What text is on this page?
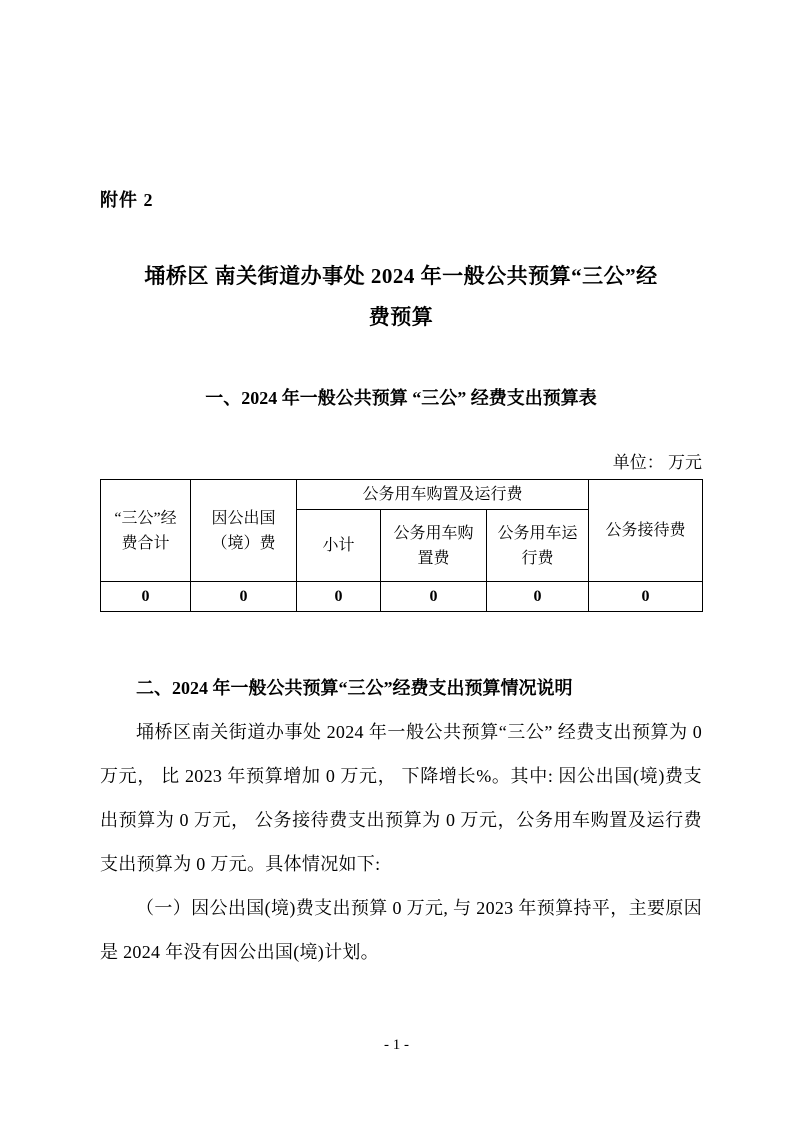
附件 2
埇桥区 南关街道办事处 2024 年一般公共预算“三公”经
费预算
一、2024 年一般公共预算 “三公” 经费支出预算表
单位： 万元
“三公”经费合计	因公出国（境）费	公务用车购置及运行费			公务接待费
		小计	公务用车购置费	公务用车运行费	
0	0	0	0	0	0
二、2024 年一般公共预算“三公”经费支出预算情况说明

埇桥区南关街道办事处 2024 年一般公共预算“三公” 经费支出预算为 0 万元， 比 2023 年预算增加 0 万元， 下降增长%。其中: 因公出国(境)费支出预算为 0 万元， 公务接待费支出预算为 0 万元，公务用车购置及运行费支出预算为 0 万元。具体情况如下:

（一）因公出国(境)费支出预算 0 万元, 与 2023 年预算持平，主要原因是 2024 年没有因公出国(境)计划。

- 1 -
